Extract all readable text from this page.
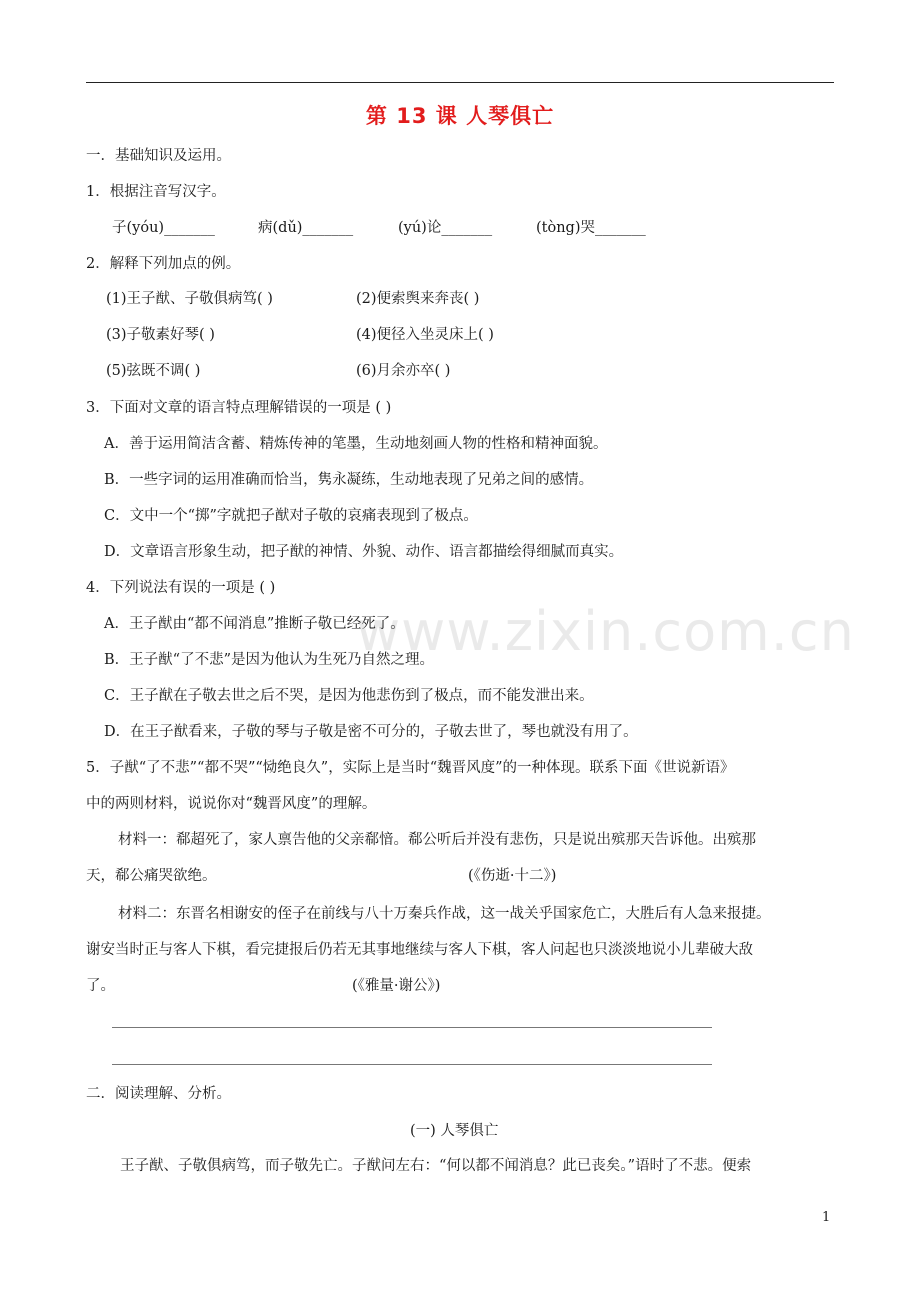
第 13 课 人琴俱亡
www.zixin.com.cn
一．基础知识及运用。
1．根据注音写汉字。
子(yóu)_______	病(dǔ)_______	(yú)论_______	(tòng)哭_______
2．解释下列加点的例。
(1)王子猷、子敬俱病笃( )	(2)便索舆来奔丧( )
(3)子敬素好琴( )	(4)便径入坐灵床上( )
(5)弦既不调( )	(6)月余亦卒( )
3．下面对文章的语言特点理解错误的一项是 ( )
A．善于运用简洁含蓄、精炼传神的笔墨，生动地刻画人物的性格和精神面貌。
B．一些字词的运用准确而恰当，隽永凝练，生动地表现了兄弟之间的感情。
C．文中一个“掷”字就把子猷对子敬的哀痛表现到了极点。
D．文章语言形象生动，把子猷的神情、外貌、动作、语言都描绘得细腻而真实。
4．下列说法有误的一项是 ( )
A．王子猷由“都不闻消息”推断子敬已经死了。
B．王子猷“了不悲”是因为他认为生死乃自然之理。
C．王子猷在子敬去世之后不哭，是因为他悲伤到了极点，而不能发泄出来。
D．在王子猷看来，子敬的琴与子敬是密不可分的，子敬去世了，琴也就没有用了。
5．子猷“了不悲”“都不哭”“恸绝良久”，实际上是当时“魏晋风度”的一种体现。联系下面《世说新语》
中的两则材料，说说你对“魏晋风度”的理解。
材料一：郗超死了，家人禀告他的父亲郗愔。郗公听后并没有悲伤，只是说出殡那天告诉他。出殡那
天，郗公痛哭欲绝。	(《伤逝·十二》)
材料二：东晋名相谢安的侄子在前线与八十万秦兵作战，这一战关乎国家危亡，大胜后有人急来报捷。
谢安当时正与客人下棋，看完捷报后仍若无其事地继续与客人下棋，客人问起也只淡淡地说小儿辈破大敌
了。	(《雅量·谢公》)
二．阅读理解、分析。
(一) 人琴俱亡
王子猷、子敬俱病笃，而子敬先亡。子猷问左右：“何以都不闻消息？此已丧矣。”语时了不悲。便索
1
